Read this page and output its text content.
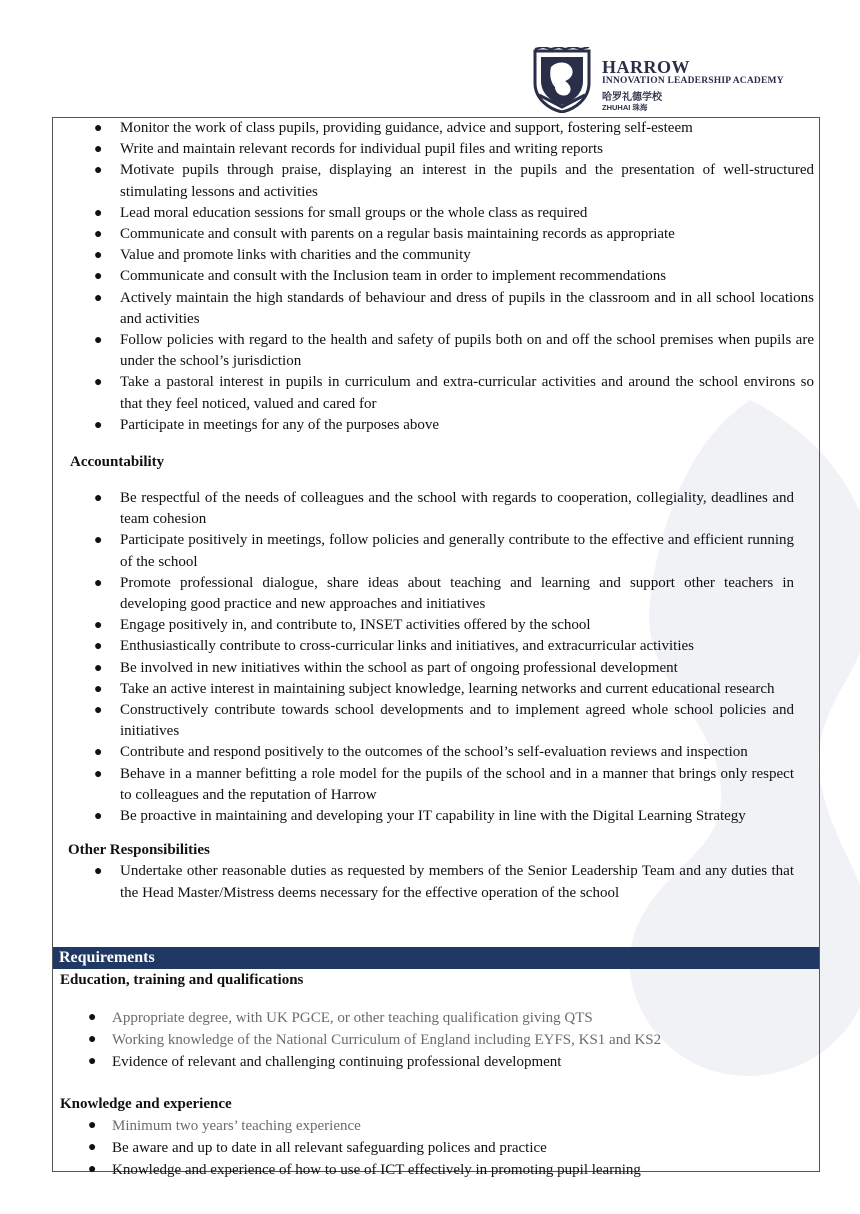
HARROW
INNOVATION LEADERSHIP ACADEMY
哈罗礼德学校
ZHUHAI 珠海
● Monitor the work of class pupils, providing guidance, advice and support, fostering self-esteem
● Write and maintain relevant records for individual pupil files and writing reports
● Motivate pupils through praise, displaying an interest in the pupils and the presentation of well-structured stimulating lessons and activities
● Lead moral education sessions for small groups or the whole class as required
● Communicate and consult with parents on a regular basis maintaining records as appropriate
● Value and promote links with charities and the community
● Communicate and consult with the Inclusion team in order to implement recommendations
● Actively maintain the high standards of behaviour and dress of pupils in the classroom and in all school locations and activities
● Follow policies with regard to the health and safety of pupils both on and off the school premises when pupils are under the school’s jurisdiction
● Take a pastoral interest in pupils in curriculum and extra-curricular activities and around the school environs so that they feel noticed, valued and cared for
● Participate in meetings for any of the purposes above
Accountability
● Be respectful of the needs of colleagues and the school with regards to cooperation, collegiality, deadlines and team cohesion
● Participate positively in meetings, follow policies and generally contribute to the effective and efficient running of the school
● Promote professional dialogue, share ideas about teaching and learning and support other teachers in developing good practice and new approaches and initiatives
● Engage positively in, and contribute to, INSET activities offered by the school
● Enthusiastically contribute to cross-curricular links and initiatives, and extracurricular activities
● Be involved in new initiatives within the school as part of ongoing professional development
● Take an active interest in maintaining subject knowledge, learning networks and current educational research
● Constructively contribute towards school developments and to implement agreed whole school policies and initiatives
● Contribute and respond positively to the outcomes of the school’s self-evaluation reviews and inspection
● Behave in a manner befitting a role model for the pupils of the school and in a manner that brings only respect to colleagues and the reputation of Harrow
● Be proactive in maintaining and developing your IT capability in line with the Digital Learning Strategy
Other Responsibilities
● Undertake other reasonable duties as requested by members of the Senior Leadership Team and any duties that the Head Master/Mistress deems necessary for the effective operation of the school
Requirements
Education, training and qualifications
● Appropriate degree, with UK PGCE, or other teaching qualification giving QTS
● Working knowledge of the National Curriculum of England including EYFS, KS1 and KS2
● Evidence of relevant and challenging continuing professional development
Knowledge and experience
● Minimum two years’ teaching experience
● Be aware and up to date in all relevant safeguarding polices and practice
● Knowledge and experience of how to use of ICT effectively in promoting pupil learning
